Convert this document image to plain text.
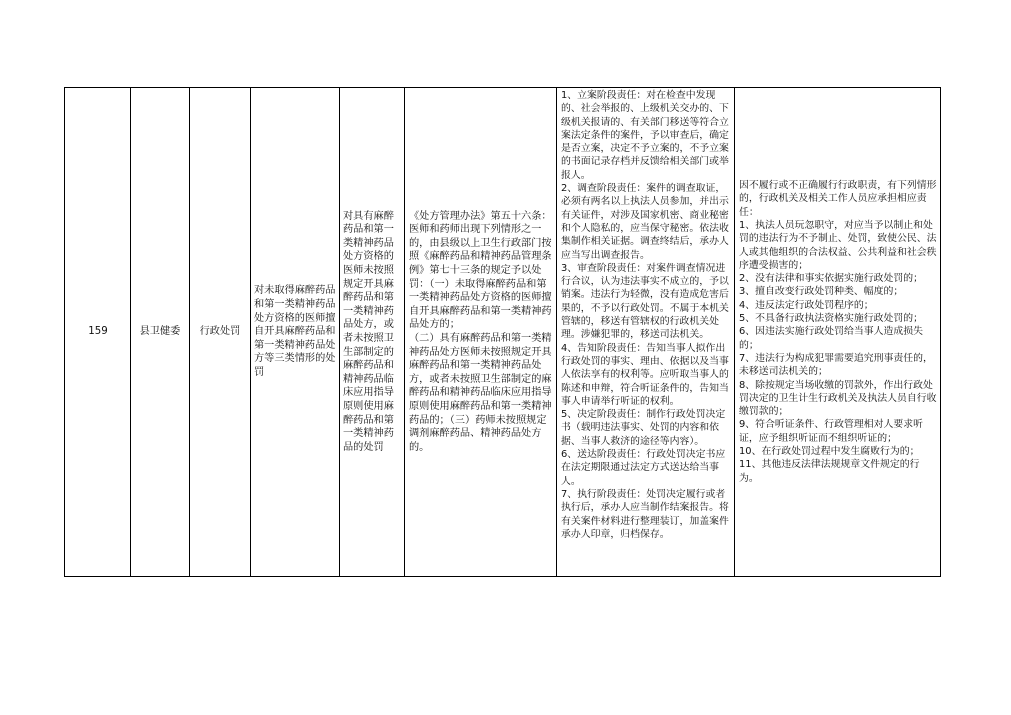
159	县卫健委	行政处罚
对未取得麻醉药品和第一类精神药品处方资格的医师擅自开具麻醉药品和第一类精神药品处方等三类情形的处罚
对具有麻醉药品和第一类精神药品处方资格的医师未按照规定开具麻醉药品和第一类精神药品处方，或者未按照卫生部制定的麻醉药品和精神药品临床应用指导原则使用麻醉药品和第一类精神药品的处罚
《处方管理办法》第五十六条：医师和药师出现下列情形之一的，由县级以上卫生行政部门按照《麻醉药品和精神药品管理条例》第七十三条的规定予以处罚：（一）未取得麻醉药品和第一类精神药品处方资格的医师擅自开具麻醉药品和第一类精神药品处方的；
（二）具有麻醉药品和第一类精神药品处方医师未按照规定开具麻醉药品和第一类精神药品处方，或者未按照卫生部制定的麻醉药品和精神药品临床应用指导原则使用麻醉药品和第一类精神药品的；（三）药师未按照规定调剂麻醉药品、精神药品处方的。
1、立案阶段责任：对在检查中发现的、社会举报的、上级机关交办的、下级机关报请的、有关部门移送等符合立案法定条件的案件，予以审查后，确定是否立案，决定不予立案的，不予立案的书面记录存档并反馈给相关部门或举报人。
2、调查阶段责任：案件的调查取证，必须有两名以上执法人员参加，并出示有关证件，对涉及国家机密、商业秘密和个人隐私的，应当保守秘密。依法收集制作相关证据。调查终结后，承办人应当写出调查报告。
3、审查阶段责任：对案件调查情况进行合议，认为违法事实不成立的，予以销案。违法行为轻微，没有造成危害后果的，不予以行政处罚。不属于本机关管辖的，移送有管辖权的行政机关处理。涉嫌犯罪的，移送司法机关。
4、告知阶段责任：告知当事人拟作出行政处罚的事实、理由、依据以及当事人依法享有的权利等。应听取当事人的陈述和申辩，符合听证条件的，告知当事人申请举行听证的权利。
5、决定阶段责任：制作行政处罚决定书（载明违法事实、处罚的内容和依据、当事人救济的途径等内容）。
6、送达阶段责任：行政处罚决定书应在法定期限通过法定方式送达给当事人。
7、执行阶段责任：处罚决定履行或者执行后，承办人应当制作结案报告。将有关案件材料进行整理装订，加盖案件承办人印章，归档保存。
因不履行或不正确履行行政职责，有下列情形的，行政机关及相关工作人员应承担相应责任：
1、执法人员玩忽职守，对应当予以制止和处罚的违法行为不予制止、处罚，致使公民、法人或其他组织的合法权益、公共利益和社会秩序遭受损害的；
2、没有法律和事实依据实施行政处罚的；
3、擅自改变行政处罚种类、幅度的；
4、违反法定行政处罚程序的；
5、不具备行政执法资格实施行政处罚的；
6、因违法实施行政处罚给当事人造成损失的；
7、违法行为构成犯罪需要追究刑事责任的，未移送司法机关的；
8、除按规定当场收缴的罚款外，作出行政处罚决定的卫生计生行政机关及执法人员自行收缴罚款的；
9、符合听证条件、行政管理相对人要求听证，应予组织听证而不组织听证的；
10、在行政处罚过程中发生腐败行为的；
11、其他违反法律法规规章文件规定的行为。
